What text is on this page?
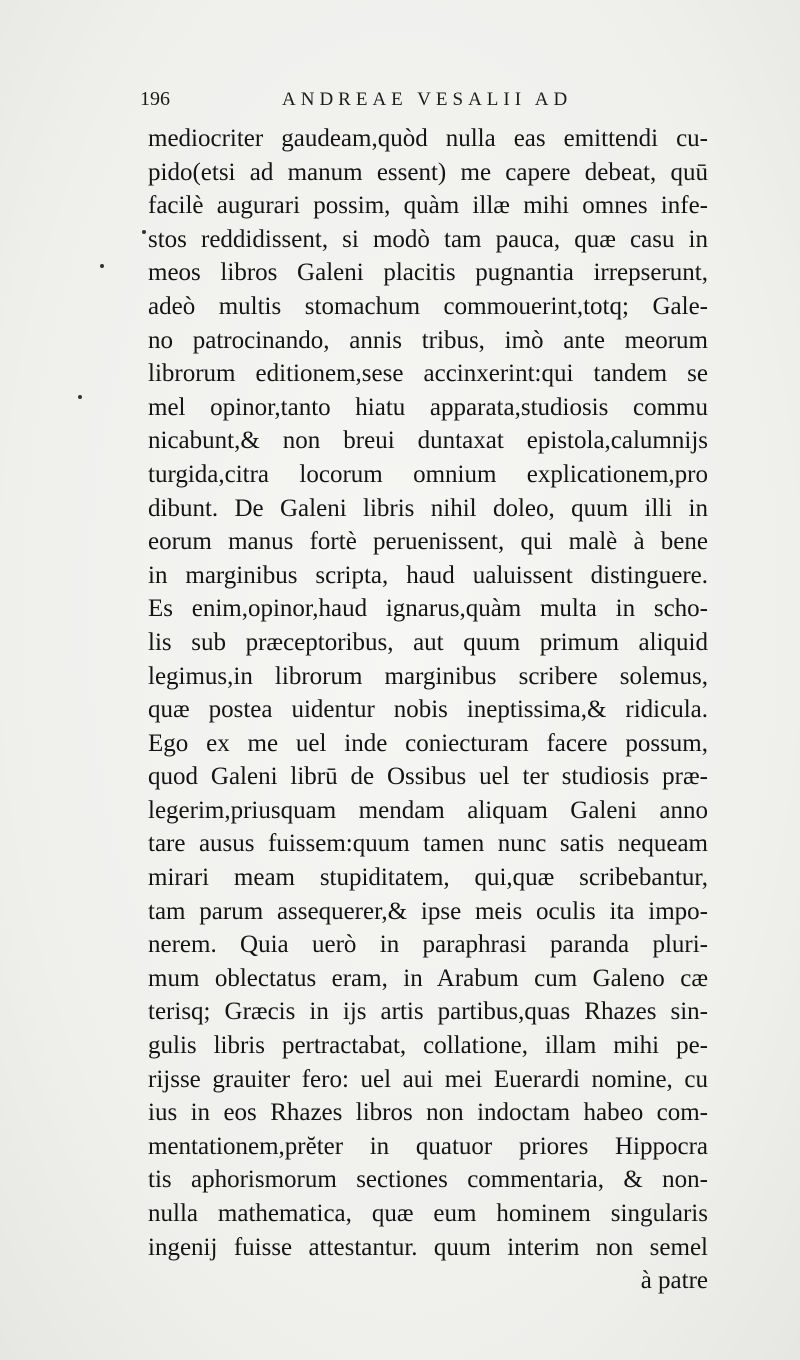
196	ANDREAE VESALII AD
mediocriter gaudeam,quòd nulla eas emittendi cu-
pido(etsi ad manum essent) me capere debeat, quū
facilè augurari possim, quàm illæ mihi omnes infe-
stos reddidissent, si modò tam pauca, quæ casu in
meos libros Galeni placitis pugnantia irrepserunt,
adeò multis stomachum commouerint,totq; Gale-
no patrocinando, annis tribus, imò ante meorum
librorum editionem,sese accinxerint:qui tandem se
mel opinor,tanto hiatu apparata,studiosis commu
nicabunt,& non breui duntaxat epistola,calumnijs
turgida,citra locorum omnium explicationem,pro
dibunt. De Galeni libris nihil doleo, quum illi in
eorum manus fortè peruenissent, qui malè à bene
in marginibus scripta, haud ualuissent distinguere.
Es enim,opinor,haud ignarus,quàm multa in scho-
lis sub præceptoribus, aut quum primum aliquid
legimus,in librorum marginibus scribere solemus,
quæ postea uidentur nobis ineptissima,& ridicula.
Ego ex me uel inde coniecturam facere possum,
quod Galeni librū de Ossibus uel ter studiosis præ-
legerim,priusquam mendam aliquam Galeni anno
tare ausus fuissem:quum tamen nunc satis nequeam
mirari meam stupiditatem, qui,quæ scribebantur,
tam parum assequerer,& ipse meis oculis ita impo-
nerem. Quia uerò in paraphrasi paranda pluri-
mum oblectatus eram, in Arabum cum Galeno cæ
terisq; Græcis in ijs artis partibus,quas Rhazes sin-
gulis libris pertractabat, collatione, illam mihi pe-
rijsse grauiter fero: uel aui mei Euerardi nomine, cu
ius in eos Rhazes libros non indoctam habeo com-
mentationem,prĕter in quatuor priores Hippocra
tis aphorismorum sectiones commentaria, & non-
nulla mathematica, quæ eum hominem singularis
ingenij fuisse attestantur. quum interim non semel
à patre
